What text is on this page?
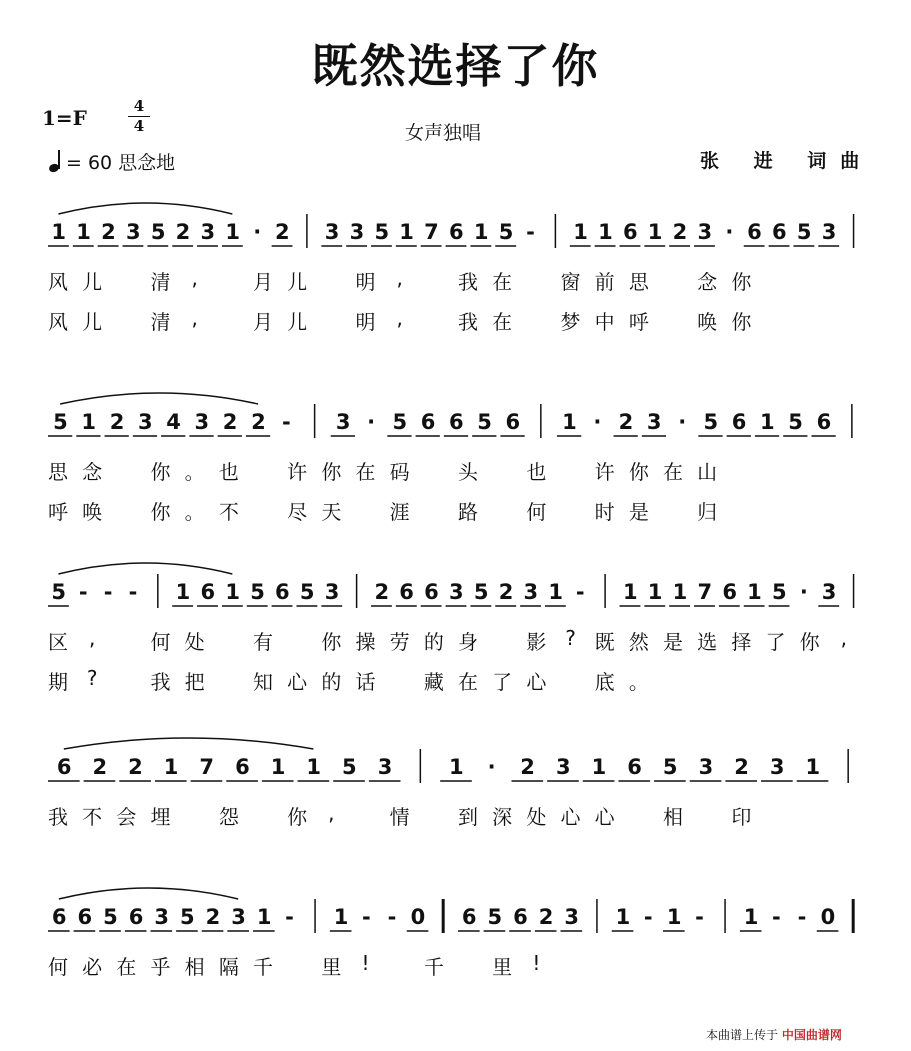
既然选择了你
1=F	4
4	女声独唱
= 60 思念地	张 进 词曲
1 1 2 3 5 2 3 1 · 2 3 3 5 1 7 6 1 5 - 1 1 6 1 2 3 · 6 6 5 3
风 儿 清	,	月 儿 明	,	我 在 窗 前 思 念 你
风 儿 清	,	月 儿 明	,	我 在 梦 中 呼 唤 你
5 1 2 3 4 3 2 2 - 3 · 5 6 6 5 6 1 · 2 3 · 5 6 1 5 6
思 念 你 。 也 许 你 在 码 头 也 许 你 在 山
呼 唤 你 。 不 尽 天 涯 路 何 时 是 归
5 - - - 1 6 1 5 6 5 3 2 6 6 3 5 2 3 1 - 1 1 1 7 6 1 5 · 3
区	,	何 处 有 你 操 劳 的 身 影 ? 既 然 是 选 择 了 你	,
期 ?	我 把 知 心 的 话 藏 在 了 心 底 。
6 2 2 1 7 6 1 1 5 3	1 · 2 3 1 6 5 3 2 3 1
我 不 会 埋 怨 你	,	情 到 深 处 心 心 相 印
6 6 5 6 3 5 2 3 1 - 1 - - 0 6 5 6 2 3 1 - 1 - 1 - - 0
何 必 在 乎 相 隔 千 里	!	千 里	!
本曲谱上传于 中国曲谱网
